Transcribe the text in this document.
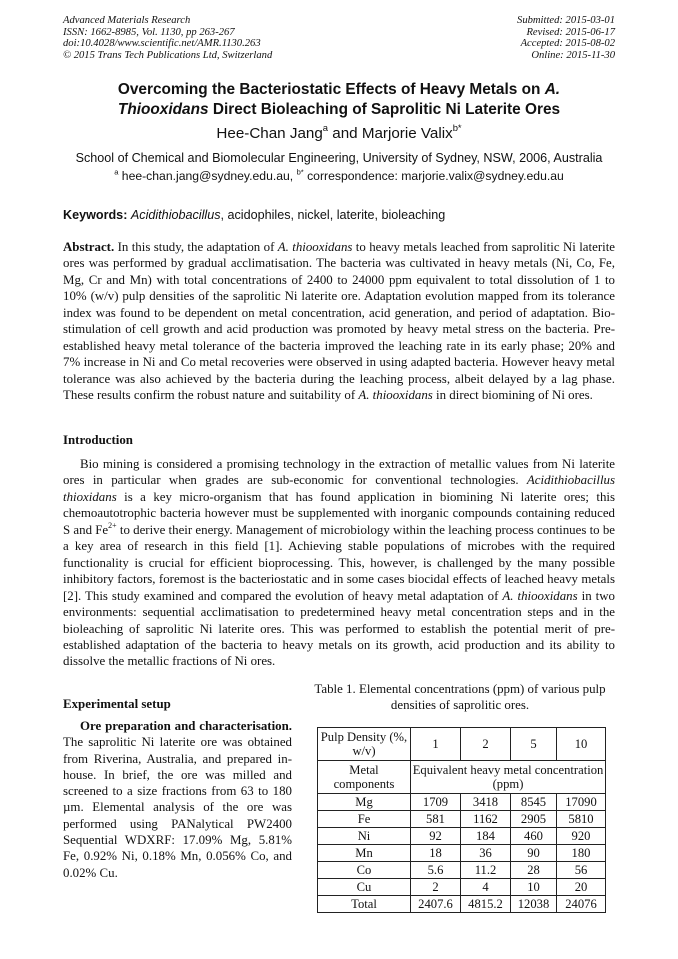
Advanced Materials Research
ISSN: 1662-8985, Vol. 1130, pp 263-267
doi:10.4028/www.scientific.net/AMR.1130.263
© 2015 Trans Tech Publications Ltd, Switzerland
Submitted: 2015-03-01
Revised: 2015-06-17
Accepted: 2015-08-02
Online: 2015-11-30
Overcoming the Bacteriostatic Effects of Heavy Metals on A.
Thiooxidans Direct Bioleaching of Saprolitic Ni Laterite Ores
Hee-Chan Jang$^a$ and Marjorie Valix$^{b*}$
School of Chemical and Biomolecular Engineering, University of Sydney, NSW, 2006, Australia
$^a$ hee-chan.jang@sydney.edu.au, $^{b*}$ correspondence: marjorie.valix@sydney.edu.au
Keywords: Acidithiobacillus, acidophiles, nickel, laterite, bioleaching

Abstract. In this study, the adaptation of A. thiooxidans to heavy metals leached from saprolitic Ni laterite ores was performed by gradual acclimatisation. The bacteria was cultivated in heavy metals (Ni, Co, Fe, Mg, Cr and Mn) with total concentrations of 2400 to 24000 ppm equivalent to total dissolution of 1 to 10% (w/v) pulp densities of the saprolitic Ni laterite ore. Adaptation evolution mapped from its tolerance index was found to be dependent on metal concentration, acid generation, and period of adaptation. Bio-stimulation of cell growth and acid production was promoted by heavy metal stress on the bacteria. Pre-established heavy metal tolerance of the bacteria improved the leaching rate in its early phase; 20% and 7% increase in Ni and Co metal recoveries were observed in using adapted bacteria. However heavy metal tolerance was also achieved by the bacteria during the leaching process, albeit delayed by a lag phase. These results confirm the robust nature and suitability of A. thiooxidans in direct biomining of Ni ores.

Introduction

Bio mining is considered a promising technology in the extraction of metallic values from Ni laterite ores in particular when grades are sub-economic for conventional technologies. Acidithiobacillus thioxidans is a key micro-organism that has found application in biomining Ni laterite ores; this chemoautotrophic bacteria however must be supplemented with inorganic compounds containing reduced S and $Fe^{2+}$ to derive their energy. Management of microbiology within the leaching process continues to be a key area of research in this field [1]. Achieving stable populations of microbes with the required functionality is crucial for efficient bioprocessing. This, however, is challenged by the many possible inhibitory factors, foremost is the bacteriostatic and in some cases biocidal effects of leached heavy metals [2]. This study examined and compared the evolution of heavy metal adaptation of A. thiooxidans in two environments: sequential acclimatisation to predetermined heavy metal concentration steps and in the bioleaching of saprolitic Ni laterite ores. This was performed to establish the potential merit of pre-established adaptation of the bacteria to heavy metals on its growth, acid production and its ability to dissolve the metallic fractions of Ni ores.

Experimental setup

Ore preparation and characterisation. The saprolitic Ni laterite ore was obtained from Riverina, Australia, and prepared in-house. In brief, the ore was milled and screened to a size fractions from 63 to 180 µm. Elemental analysis of the ore was performed using PANalytical PW2400 Sequential WDXRF: 17.09% Mg, 5.81% Fe, 0.92% Ni, 0.18% Mn, 0.056% Co, and 0.02% Cu.

Table 1. Elemental concentrations (ppm) of various pulp densities of saprolitic ores.
Pulp Density (%, w/v)	1	2	5	10
Metal components	Equivalent heavy metal concentration (ppm)			
Mg	1709	3418	8545	17090
Fe	581	1162	2905	5810
Ni	92	184	460	920
Mn	18	36	90	180
Co	5.6	11.2	28	56
Cu	2	4	10	20
Total	2407.6	4815.2	12038	24076
